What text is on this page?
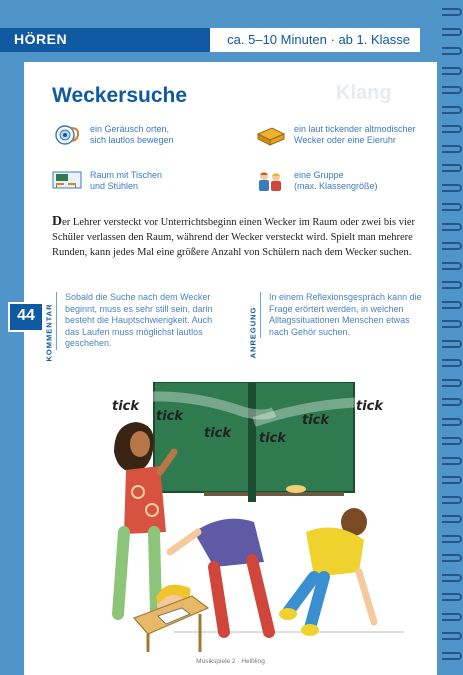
HÖREN	ca. 5–10 Minuten · ab 1. Klasse
Klang
Weckersuche
ein Geräusch orten,
sich lautlos bewegen
ein laut tickender altmodischer
Wecker oder eine Eieruhr
Raum mit Tischen
und Stühlen
eine Gruppe
(max. Klassengröße)
Der Lehrer versteckt vor Unterrichtsbeginn einen Wecker im Raum oder zwei bis vier Schüler verlassen den Raum, während der Wecker versteckt wird. Spielt man mehrere Runden, kann jedes Mal eine größere Anzahl von Schülern nach dem Wecker suchen.
KOMMENTAR
Sobald die Suche nach dem Wecker beginnt, muss es sehr still sein, darin besteht die Hauptschwierigkeit. Auch das Laufen muss möglichst lautlos geschehen.	ANREGUNG
In einem Reflexionsgespräch kann die Frage erörtert werden, in welchen Alltagssituationen Menschen etwas nach Gehör suchen.
tick
tick
tick tick
tick
tick
Musikspiele 2 · Helbling
44
